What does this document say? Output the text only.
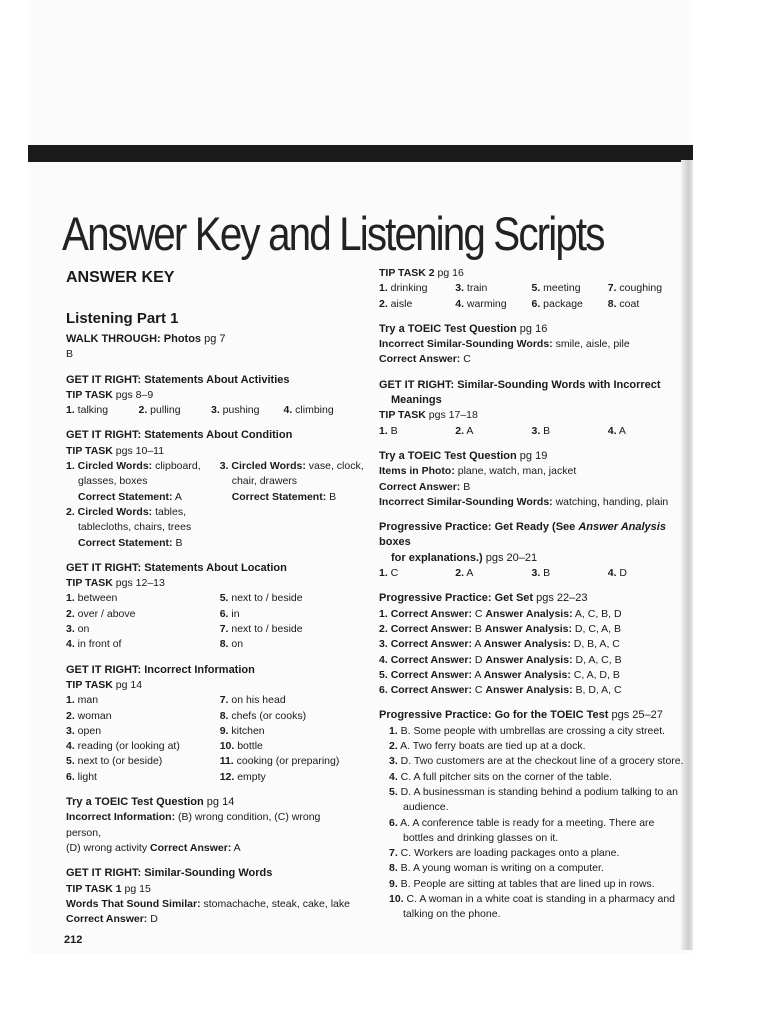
Answer Key and Listening Scripts
ANSWER KEY
Listening Part 1
WALK THROUGH: Photos pg 7
B
GET IT RIGHT: Statements About Activities
TIP TASK pgs 8–9
1. talking	2. pulling	3. pushing	4. climbing
GET IT RIGHT: Statements About Condition
TIP TASK pgs 10–11
1. Circled Words: clipboard,
glasses, boxes
Correct Statement: A
3. Circled Words: vase, clock,
chair, drawers
Correct Statement: B
2. Circled Words: tables,
tablecloths, chairs, trees
Correct Statement: B
GET IT RIGHT: Statements About Location
TIP TASK pgs 12–13
1. between	5. next to / beside
2. over / above	6. in
3. on	7. next to / beside
4. in front of	8. on
GET IT RIGHT: Incorrect Information
TIP TASK pg 14
1. man	7. on his head
2. woman	8. chefs (or cooks)
3. open	9. kitchen
4. reading (or looking at)	10. bottle
5. next to (or beside)	11. cooking (or preparing)
6. light	12. empty
Try a TOEIC Test Question pg 14
Incorrect Information: (B) wrong condition, (C) wrong person,
(D) wrong activity Correct Answer: A
GET IT RIGHT: Similar-Sounding Words
TIP TASK 1 pg 15
Words That Sound Similar: stomachache, steak, cake, lake
Correct Answer: D
TIP TASK 2 pg 16
1. drinking	3. train	5. meeting	7. coughing
2. aisle	4. warming	6. package	8. coat
Try a TOEIC Test Question pg 16
Incorrect Similar-Sounding Words: smile, aisle, pile
Correct Answer: C
GET IT RIGHT: Similar-Sounding Words with Incorrect
Meanings
TIP TASK pgs 17–18
1. B	2. A	3. B	4. A
Try a TOEIC Test Question pg 19
Items in Photo: plane, watch, man, jacket
Correct Answer: B
Incorrect Similar-Sounding Words: watching, handing, plain
Progressive Practice: Get Ready (See Answer Analysis boxes
for explanations.) pgs 20–21
1. C	2. A	3. B	4. D
Progressive Practice: Get Set pgs 22–23
1. Correct Answer: C Answer Analysis: A, C, B, D
2. Correct Answer: B Answer Analysis: D, C, A, B
3. Correct Answer: A Answer Analysis: D, B, A, C
4. Correct Answer: D Answer Analysis: D, A, C, B
5. Correct Answer: A Answer Analysis: C, A, D, B
6. Correct Answer: C Answer Analysis: B, D, A, C
Progressive Practice: Go for the TOEIC Test pgs 25–27
1. B. Some people with umbrellas are crossing a city street.
2. A. Two ferry boats are tied up at a dock.
3. D. Two customers are at the checkout line of a grocery store.
4. C. A full pitcher sits on the corner of the table.
5. D. A businessman is standing behind a podium talking to an audience.
6. A. A conference table is ready for a meeting. There are bottles and drinking glasses on it.
7. C. Workers are loading packages onto a plane.
8. B. A young woman is writing on a computer.
9. B. People are sitting at tables that are lined up in rows.
10. C. A woman in a white coat is standing in a pharmacy and talking on the phone.
212
